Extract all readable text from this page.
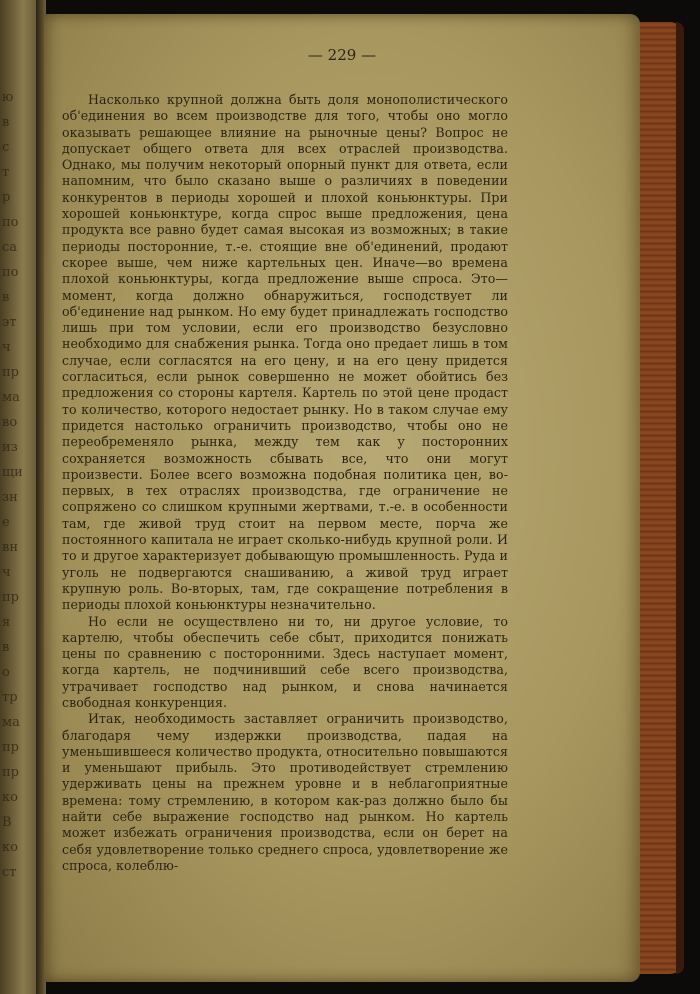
ю
в
с
т
р
по
са
по
в
эт
ч
пр
ма
во
из
щи
зн
е
вн
ч
пр
я
в
о
тр
ма
пр
пр
ко
В
ко
ст
— 229 —

Насколько крупной должна быть доля монополистического об'единения во всем производстве для того, чтобы оно могло оказывать решающее влияние на рыночные цены? Вопрос не допускает общего ответа для всех отраслей производства. Однако, мы получим некоторый опорный пункт для ответа, если напомним, что было сказано выше о различиях в поведении конкурентов в периоды хорошей и плохой коньюнктуры. При хорошей коньюнктуре, когда спрос выше предложения, цена продукта все равно будет самая высокая из возможных; в такие периоды посторонние, т.-е. стоящие вне об'единений, продают скорее выше, чем ниже картельных цен. Иначе—во времена плохой коньюнктуры, когда предложение выше спроса. Это—момент, когда должно обнаружиться, господствует ли об'единение над рынком. Но ему будет принадлежать господство лишь при том условии, если его производство безусловно необходимо для снабжения рынка. Тогда оно предает лишь в том случае, если согласятся на его цену, и на его цену придется согласиться, если рынок совершенно не может обойтись без предложения со стороны картеля. Картель по этой цене продаст то количество, которого недостает рынку. Но в таком случае ему придется настолько ограничить производство, чтобы оно не переобременяло рынка, между тем как у посторонних сохраняется возможность сбывать все, что они могут произвести. Более всего возможна подобная политика цен, во-первых, в тех отраслях производства, где ограничение не сопряжено со слишком крупными жертвами, т.-е. в особенности там, где живой труд стоит на первом месте, порча же постоянного капитала не играет сколько-нибудь крупной роли. И то и другое характеризует добывающую промышленность. Руда и уголь не подвергаются снашиванию, а живой труд играет крупную роль. Во-вторых, там, где сокращение потребления в периоды плохой коньюнктуры незначительно.

Но если не осуществлено ни то, ни другое условие, то картелю, чтобы обеспечить себе сбыт, приходится понижать цены по сравнению с посторонними. Здесь наступает момент, когда картель, не подчинивший себе всего производства, утрачивает господство над рынком, и снова начинается свободная конкуренция.

Итак, необходимость заставляет ограничить производство, благодаря чему издержки производства, падая на уменьшившееся количество продукта, относительно повышаются и уменьшают прибыль. Это противодействует стремлению удерживать цены на прежнем уровне и в неблагоприятные времена: тому стремлению, в котором как-раз должно было бы найти себе выражение господство над рынком. Но картель может избежать ограничения производства, если он берет на себя удовлетворение только среднего спроса, удовлетворение же спроса, колеблю-
